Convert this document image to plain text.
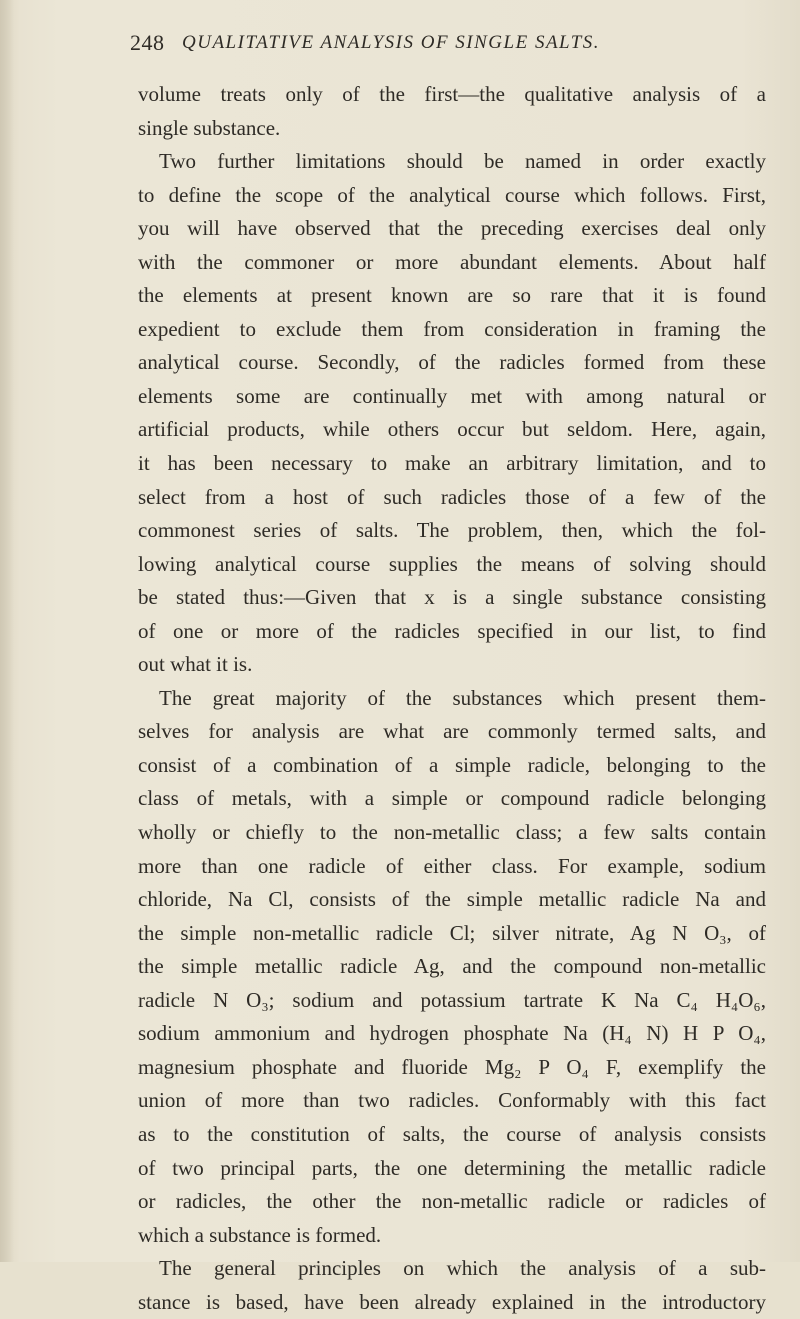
248 QUALITATIVE ANALYSIS OF SINGLE SALTS.
volume treats only of the first—the qualitative analysis of a
single substance.
Two further limitations should be named in order exactly
to define the scope of the analytical course which follows. First,
you will have observed that the preceding exercises deal only
with the commoner or more abundant elements. About half
the elements at present known are so rare that it is found
expedient to exclude them from consideration in framing the
analytical course. Secondly, of the radicles formed from these
elements some are continually met with among natural or
artificial products, while others occur but seldom. Here, again,
it has been necessary to make an arbitrary limitation, and to
select from a host of such radicles those of a few of the
commonest series of salts. The problem, then, which the fol-
lowing analytical course supplies the means of solving should
be stated thus:—Given that x is a single substance consisting
of one or more of the radicles specified in our list, to find
out what it is.
The great majority of the substances which present them-
selves for analysis are what are commonly termed salts, and
consist of a combination of a simple radicle, belonging to the
class of metals, with a simple or compound radicle belonging
wholly or chiefly to the non-metallic class; a few salts contain
more than one radicle of either class. For example, sodium
chloride, Na Cl, consists of the simple metallic radicle Na and
the simple non-metallic radicle Cl; silver nitrate, Ag N O₃, of
the simple metallic radicle Ag, and the compound non-metallic
radicle N O₃; sodium and potassium tartrate K Na C₄ H₄O₆,
sodium ammonium and hydrogen phosphate Na (H₄ N) H P O₄,
magnesium phosphate and fluoride Mg₂ P O₄ F, exemplify the
union of more than two radicles. Conformably with this fact
as to the constitution of salts, the course of analysis consists
of two principal parts, the one determining the metallic radicle
or radicles, the other the non-metallic radicle or radicles of
which a substance is formed.
The general principles on which the analysis of a sub-
stance is based, have been already explained in the introductory
